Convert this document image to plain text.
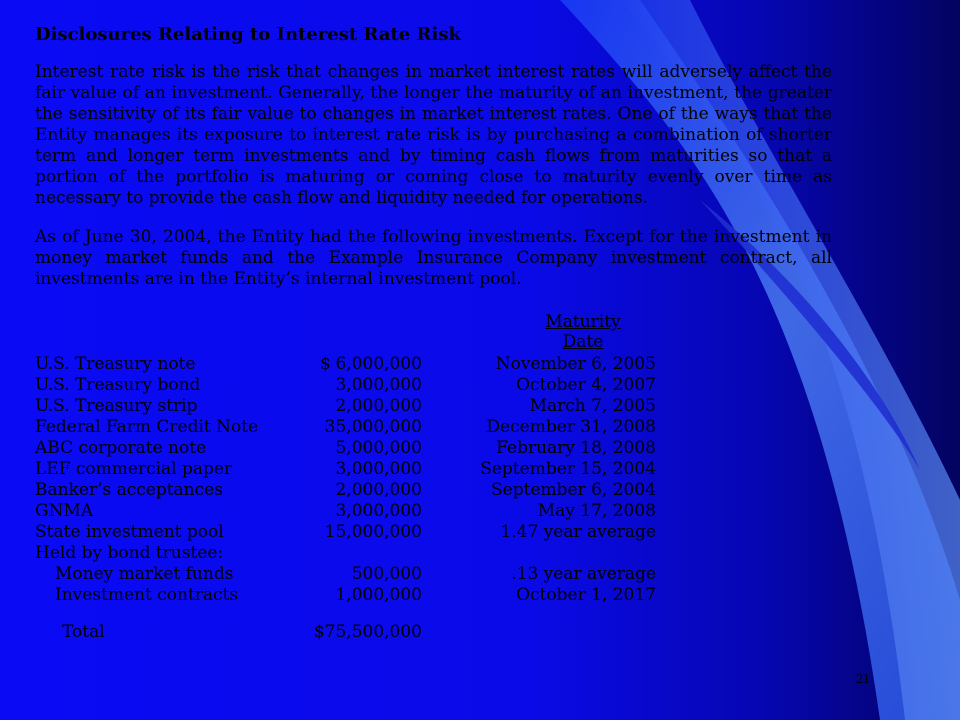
Disclosures Relating to Interest Rate Risk

Interest rate risk is the risk that changes in market interest rates will adversely affect the fair value of an investment. Generally, the longer the maturity of an investment, the greater the sensitivity of its fair value to changes in market interest rates. One of the ways that the Entity manages its exposure to interest rate risk is by purchasing a combination of shorter term and longer term investments and by timing cash flows from maturities so that a portion of the portfolio is maturing or coming close to maturity evenly over time as necessary to provide the cash flow and liquidity needed for operations.

As of June 30, 2004, the Entity had the following investments. Except for the investment in money market funds and the Example Insurance Company investment contract, all investments are in the Entity’s internal investment pool.

Maturity Date
U.S. Treasury note	$ 6,000,000	November 6, 2005
U.S. Treasury bond	3,000,000	October 4, 2007
U.S. Treasury strip	2,000,000	March 7, 2005
Federal Farm Credit Note	35,000,000	December 31, 2008
ABC corporate note	5,000,000	February 18, 2008
LEF commercial paper	3,000,000	September 15, 2004
Banker’s acceptances	2,000,000	September 6, 2004
GNMA	3,000,000	May 17, 2008
State investment pool	15,000,000	1.47 year average
Held by bond trustee:
Money market funds	500,000	.13 year average
Investment contracts	1,000,000	October 1, 2017
Total	$75,500,000
21
